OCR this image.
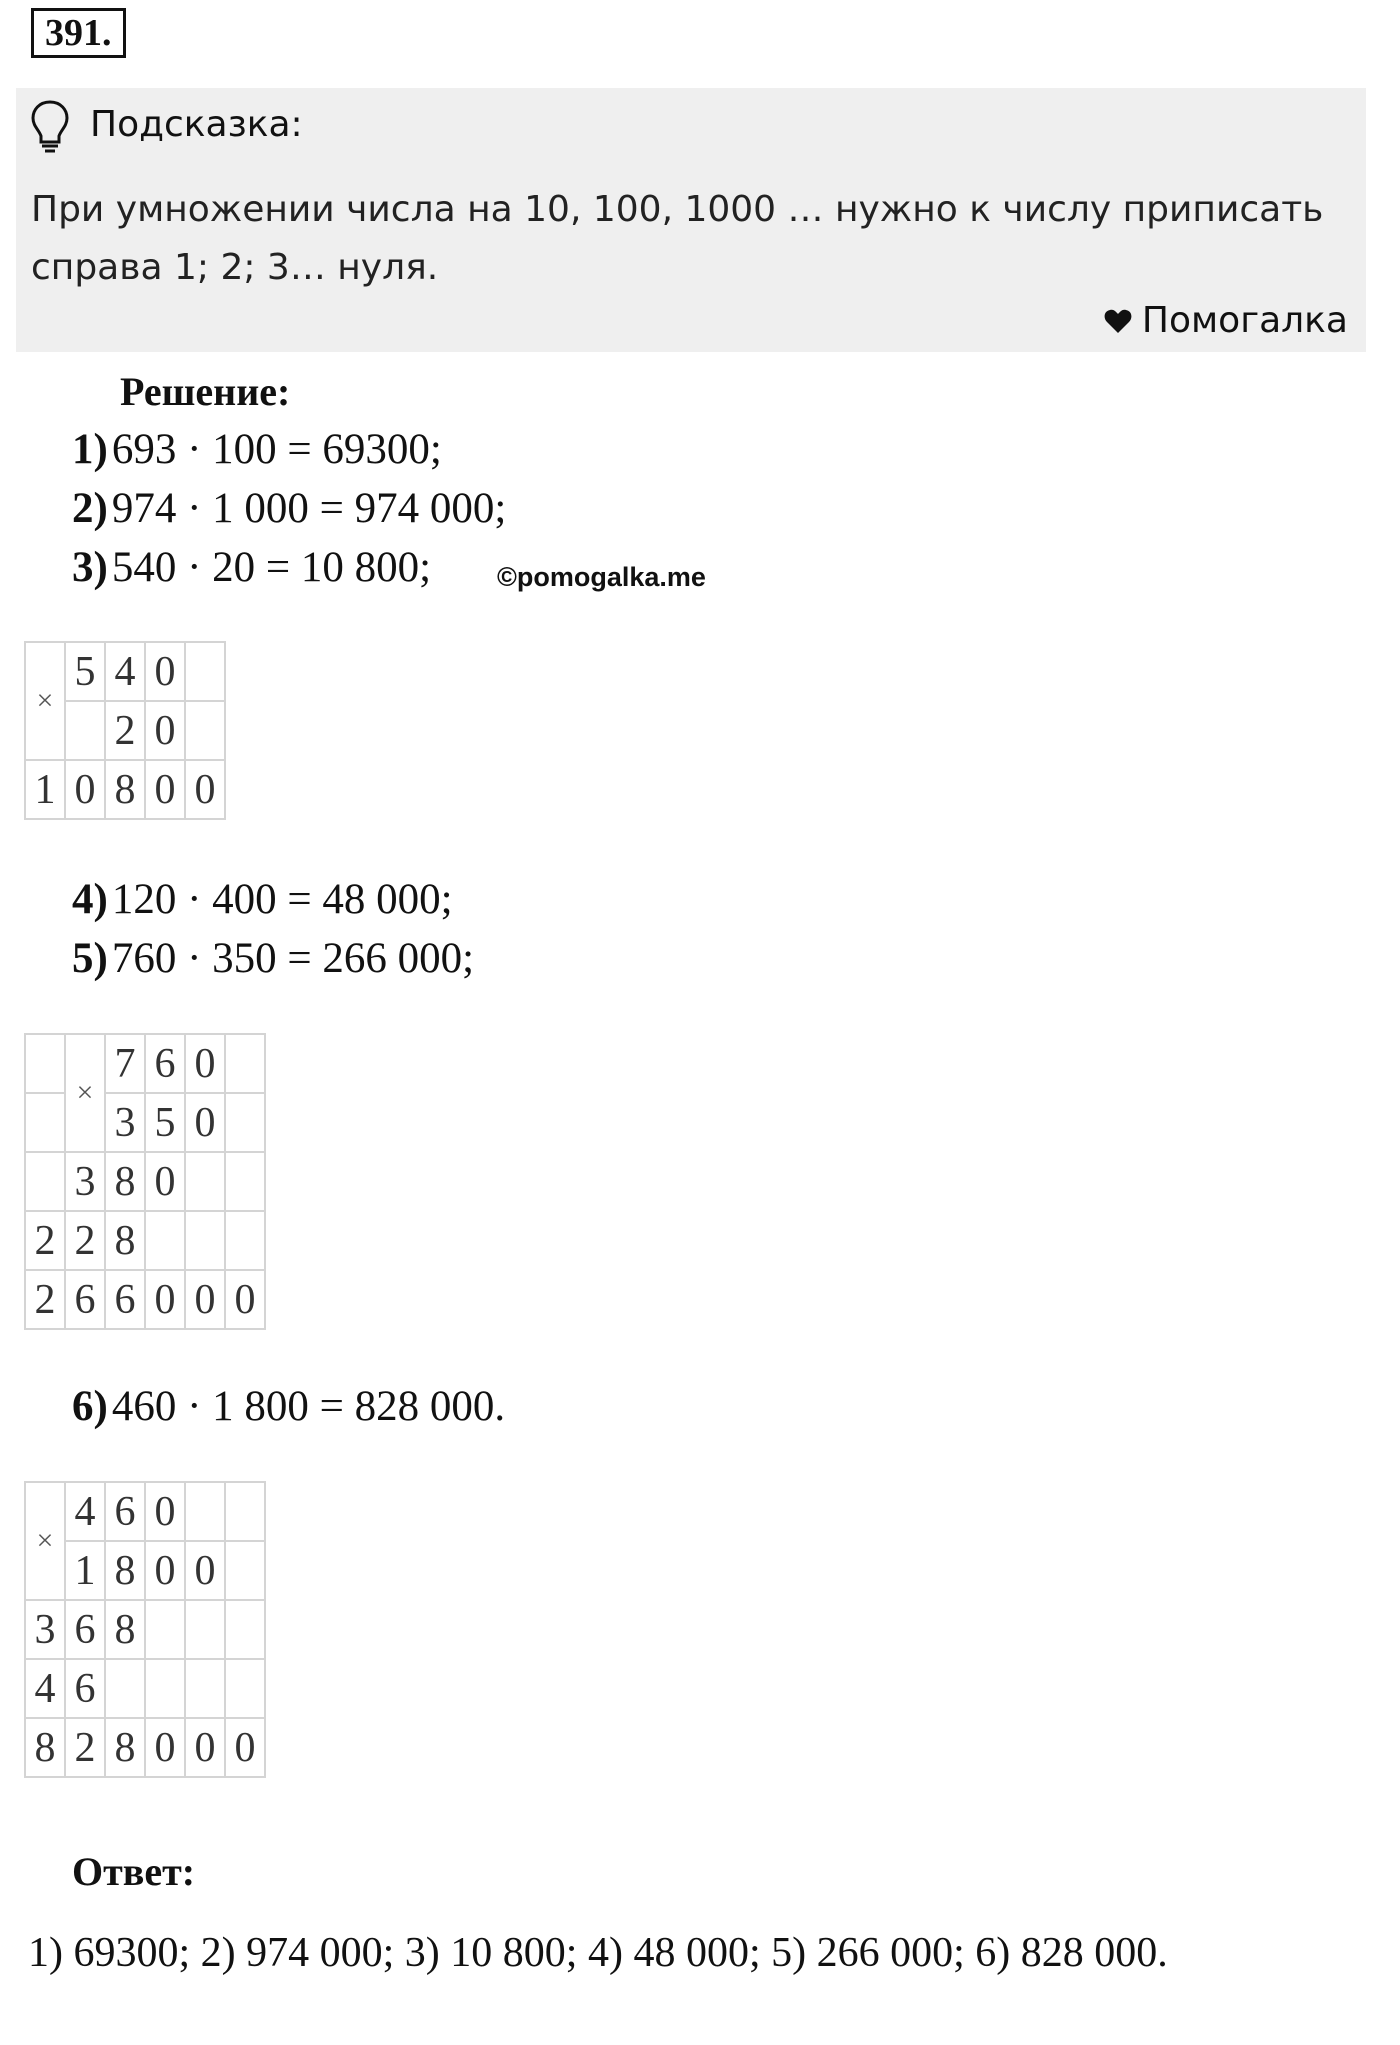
391.
Подсказка:
При умножении числа на 10, 100, 1000 … нужно к числу приписать справа 1; 2; 3… нуля.
Помогалка
Решение:
1)693 · 100 = 69300;
2)974 · 1 000 = 974 000;
3)540 · 20 = 10 800; ©pomogalka.me
×	5	4	0	
		2	0	
1	0	8	0	0
4)120 · 400 = 48 000;
5)760 · 350 = 266 000;
	×	7	6	0	
		3	5	0	
	3	8	0		
2	2	8			
2	6	6	0	0	0
6)460 · 1 800 = 828 000.
×	4	6	0		
	1	8	0	0	
3	6	8			
4	6				
8	2	8	0	0	0
Ответ:
1) 69300; 2) 974 000; 3) 10 800; 4) 48 000; 5) 266 000; 6) 828 000.
